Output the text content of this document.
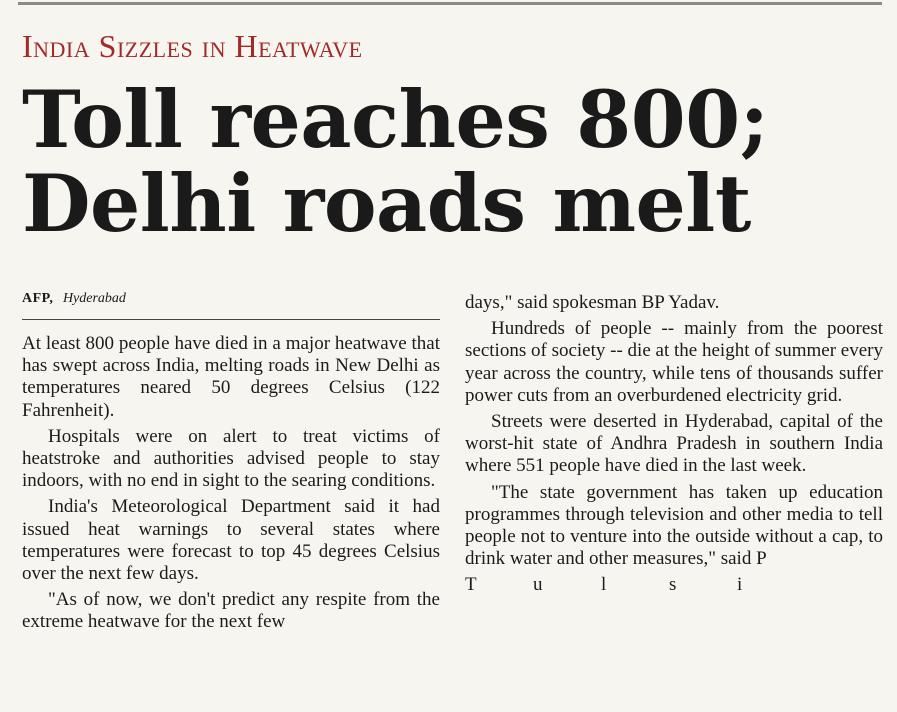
India Sizzles in Heatwave
Toll reaches 800;
Delhi roads melt
AFP, Hyderabad

At least 800 people have died in a major heatwave that has swept across India, melting roads in New Delhi as temperatures neared 50 degrees Celsius (122 Fahrenheit).

Hospitals were on alert to treat victims of heatstroke and authorities advised people to stay indoors, with no end in sight to the searing conditions.

India's Meteorological Department said it had issued heat warnings to several states where temperatures were forecast to top 45 degrees Celsius over the next few days.

"As of now, we don't predict any respite from the extreme heatwave for the next few

days," said spokesman BP Yadav.

Hundreds of people -- mainly from the poorest sections of society -- die at the height of summer every year across the country, while tens of thousands suffer power cuts from an overburdened electricity grid.

Streets were deserted in Hyderabad, capital of the worst-hit state of Andhra Pradesh in southern India where 551 people have died in the last week.

"The state government has taken up education programmes through television and other media to tell people not to venture into the outside without a cap, to drink water and other measures," said P

T	u	l	s	i
